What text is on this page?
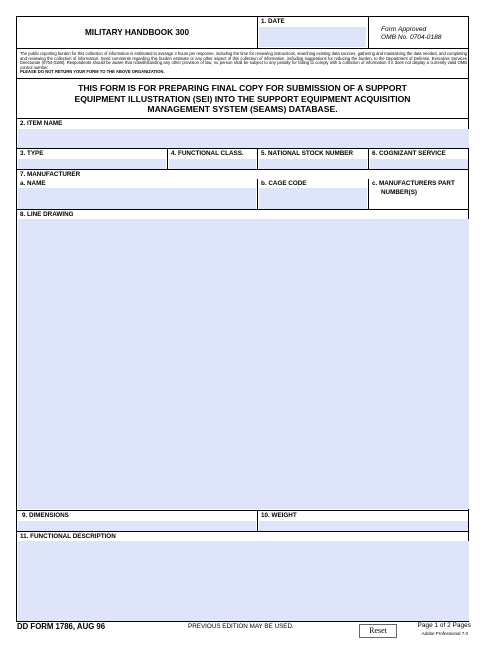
MILITARY HANDBOOK 300
1. DATE
Form Approved
OMB No. 0704-0188
The public reporting burden for this collection of information is estimated to average 3 hours per response, including the time for reviewing instructions, searching existing data sources, gathering and maintaining the data needed, and completing and reviewing the collection of information. Send comments regarding this burden estimate or any other aspect of this collection of information, including suggestions for reducing the burden, to the Department of Defense, Executive Services Directorate (0704-0188). Respondents should be aware that notwithstanding any other provision of law, no person shall be subject to any penalty for failing to comply with a collection of information if it does not display a currently valid OMB control number.
PLEASE DO NOT RETURN YOUR FORM TO THE ABOVE ORGANIZATION.
THIS FORM IS FOR PREPARING FINAL COPY FOR SUBMISSION OF A SUPPORT
EQUIPMENT ILLUSTRATION (SEI) INTO THE SUPPORT EQUIPMENT ACQUISITION
MANAGEMENT SYSTEM (SEAMS) DATABASE.
2. ITEM NAME
3. TYPE	4. FUNCTIONAL CLASS.	5. NATIONAL STOCK NUMBER	6. COGNIZANT SERVICE
7. MANUFACTURER
a. NAME	b. CAGE CODE	c. MANUFACTURERS PART
NUMBER(S)
8. LINE DRAWING
9. DIMENSIONS	10. WEIGHT
11. FUNCTIONAL DESCRIPTION
DD FORM 1786, AUG 96	PREVIOUS EDITION MAY BE USED.	Reset
Page 1 of 2 Pages
Adobe Professional 7.0
